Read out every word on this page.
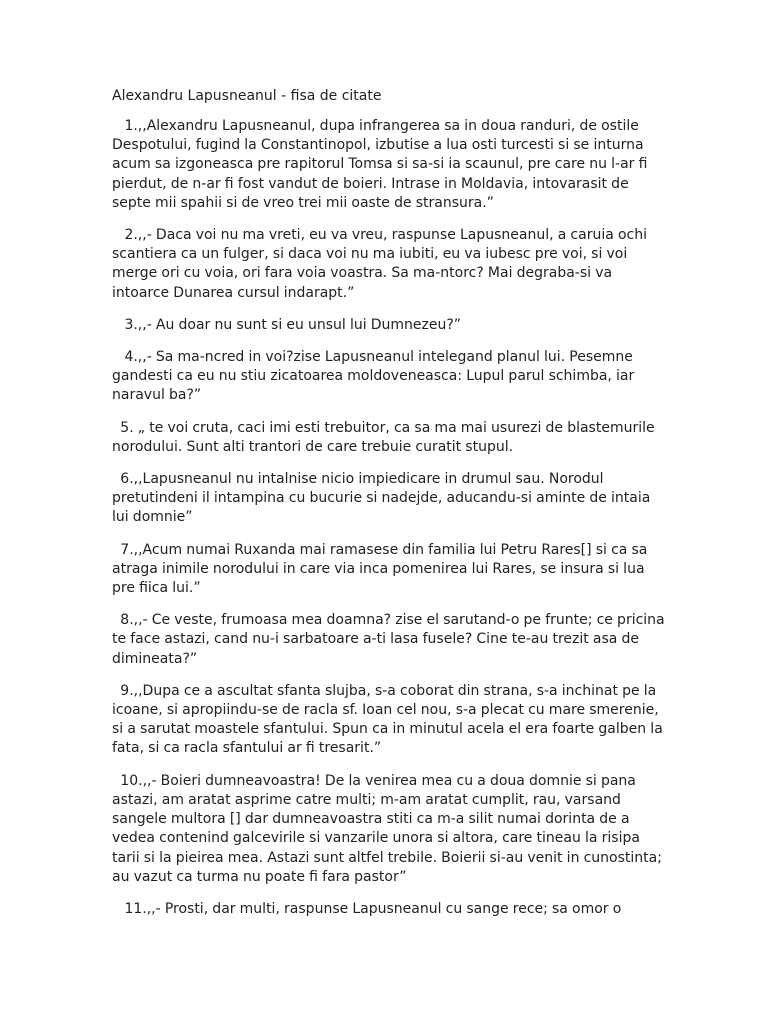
Alexandru Lapusneanul - fisa de citate

1.,,Alexandru Lapusneanul, dupa infrangerea sa in doua randuri, de ostile Despotului, fugind la Constantinopol, izbutise a lua osti turcesti si se inturna acum sa izgoneasca pre rapitorul Tomsa si sa-si ia scaunul, pre care nu l-ar fi pierdut, de n-ar fi fost vandut de boieri. Intrase in Moldavia, intovarasit de septe mii spahii si de vreo trei mii oaste de stransura.”

2.,,- Daca voi nu ma vreti, eu va vreu, raspunse Lapusneanul, a caruia ochi scantiera ca un fulger, si daca voi nu ma iubiti, eu va iubesc pre voi, si voi merge ori cu voia, ori fara voia voastra. Sa ma-ntorc? Mai degraba-si va intoarce Dunarea cursul indarapt.”

3.,,- Au doar nu sunt si eu unsul lui Dumnezeu?”

4.,,- Sa ma-ncred in voi?zise Lapusneanul intelegand planul lui. Pesemne gandesti ca eu nu stiu zicatoarea moldoveneasca: Lupul parul schimba, iar naravul ba?”

5. „ te voi cruta, caci imi esti trebuitor, ca sa ma mai usurezi de blastemurile norodului. Sunt alti trantori de care trebuie curatit stupul.

6.,,Lapusneanul nu intalnise nicio impiedicare in drumul sau. Norodul pretutindeni il intampina cu bucurie si nadejde, aducandu-si aminte de intaia lui domnie”

7.,,Acum numai Ruxanda mai ramasese din familia lui Petru Rares[] si ca sa atraga inimile norodului in care via inca pomenirea lui Rares, se insura si lua pre fiica lui.”

8.,,- Ce veste, frumoasa mea doamna? zise el sarutand-o pe frunte; ce pricina te face astazi, cand nu-i sarbatoare a-ti lasa fusele? Cine te-au trezit asa de dimineata?”

9.,,Dupa ce a ascultat sfanta slujba, s-a coborat din strana, s-a inchinat pe la icoane, si apropiindu-se de racla sf. Ioan cel nou, s-a plecat cu mare smerenie, si a sarutat moastele sfantului. Spun ca in minutul acela el era foarte galben la fata, si ca racla sfantului ar fi tresarit.”

10.,,- Boieri dumneavoastra! De la venirea mea cu a doua domnie si pana astazi, am aratat asprime catre multi; m-am aratat cumplit, rau, varsand sangele multora [] dar dumneavoastra stiti ca m-a silit numai dorinta de a vedea contenind galcevirile si vanzarile unora si altora, care tineau la risipa tarii si la pieirea mea. Astazi sunt altfel trebile. Boierii si-au venit in cunostinta; au vazut ca turma nu poate fi fara pastor”

11.,,- Prosti, dar multi, raspunse Lapusneanul cu sange rece; sa omor o
